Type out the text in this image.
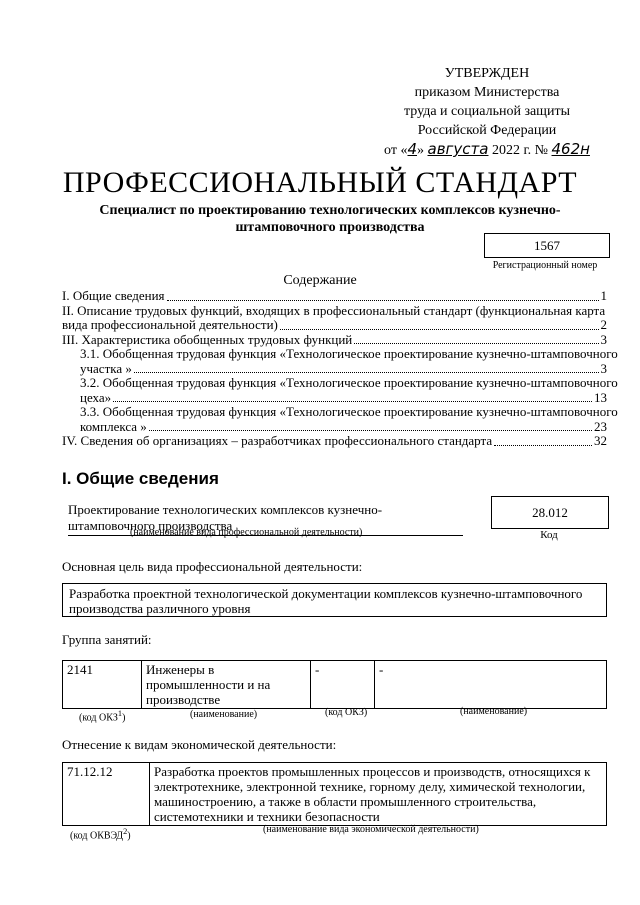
УТВЕРЖДЕН
приказом Министерства
труда и социальной защиты
Российской Федерации
от «4» августа 2022 г. № 462н
ПРОФЕССИОНАЛЬНЫЙ СТАНДАРТ
Специалист по проектированию технологических комплексов кузнечно-
штамповочного производства
1567
Регистрационный номер
Содержание
I. Общие сведения	1
II. Описание трудовых функций, входящих в профессиональный стандарт (функциональная карта
вида профессиональной деятельности)	2
III. Характеристика обобщенных трудовых функций	3
3.1. Обобщенная трудовая функция «Технологическое проектирование кузнечно-штамповочного
участка »	3
3.2. Обобщенная трудовая функция «Технологическое проектирование кузнечно-штамповочного
цеха»	13
3.3. Обобщенная трудовая функция «Технологическое проектирование кузнечно-штамповочного
комплекса »	23
IV. Сведения об организациях – разработчиках профессионального стандарта	32
I. Общие сведения
Проектирование технологических комплексов кузнечно-
штамповочного производства
(наименование вида профессиональной деятельности)
28.012
Код
Основная цель вида профессиональной деятельности:
Разработка проектной технологической документации комплексов кузнечно-штамповочного
производства различного уровня
Группа занятий:
2141	Инженеры в
промышленности и на
производстве
	-	-
(код ОКЗ$^1$)	(наименование)	(код ОКЗ)	(наименование)
Отнесение к видам экономической деятельности:
71.12.12	Разработка проектов промышленных процессов и производств, относящихся к
электротехнике, электронной технике, горному делу, химической технологии,
машиностроению, а также в области промышленного строительства,
системотехники и техники безопасности
(код ОКВЭД$^2$)
(наименование вида экономической деятельности)
